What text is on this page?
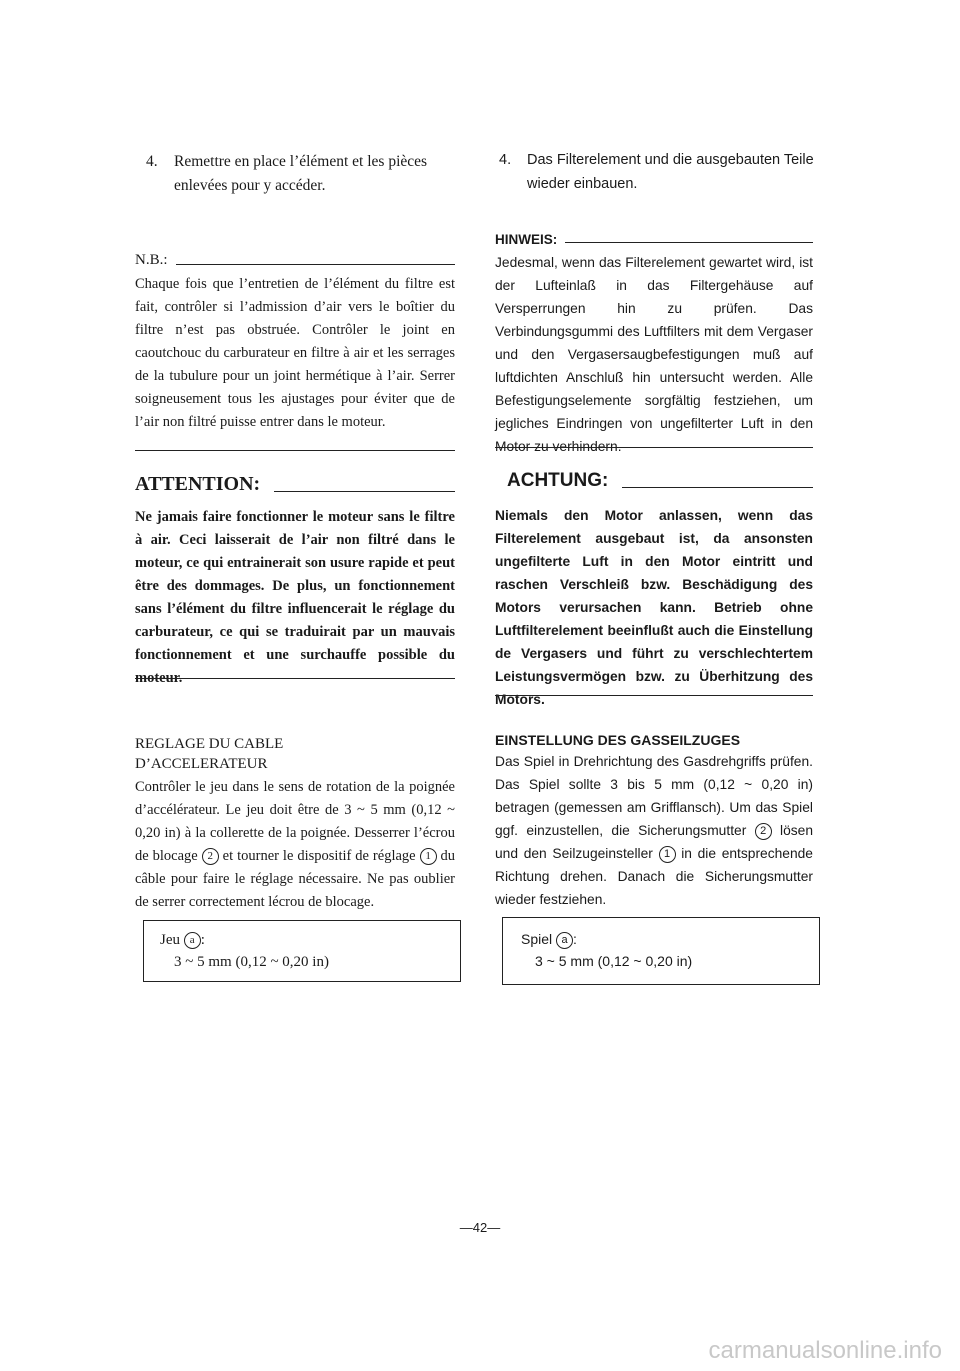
4.	Remettre en place l’élément et les pièces enlevées pour y accéder.
N.B.:
Chaque fois que l’entretien de l’élément du filtre est fait, contrôler si l’admission d’air vers le boîtier du filtre n’est pas obstruée. Contrôler le joint en caoutchouc du carburateur en filtre à air et les serrages de la tubulure pour un joint hermétique à l’air. Serrer soigneusement tous les ajustages pour éviter que de l’air non filtré puisse entrer dans le moteur.
ATTENTION:
Ne jamais faire fonctionner le moteur sans le filtre à air. Ceci laisserait de l’air non filtré dans le moteur, ce qui entrainerait son usure rapide et peut être des dommages. De plus, un fonctionnement sans l’élément du filtre influencerait le réglage du carburateur, ce qui se traduirait par un mauvais fonctionnement et une surchauffe possible du moteur.
REGLAGE DU CABLE
D’ACCELERATEUR
Contrôler le jeu dans le sens de rotation de la poignée d’accélérateur. Le jeu doit être de 3 ~ 5 mm (0,12 ~ 0,20 in) à la collerette de la poignée. Desserrer l’écrou de blocage 2 et tourner le dispositif de réglage 1 du câble pour faire le réglage nécessaire. Ne pas oublier de serrer correctement lécrou de blocage.
Jeu a :
3 ~ 5 mm (0,12 ~ 0,20 in)
4.	Das Filterelement und die ausgebauten Teile wieder einbauen.
HINWEIS:
Jedesmal, wenn das Filterelement gewartet wird, ist der Lufteinlaß in das Filtergehäuse auf Versperrungen hin zu prüfen. Das Verbindungsgummi des Luftfilters mit dem Vergaser und den Vergasersaugbefestigungen muß auf luftdichten Anschluß hin untersucht werden. Alle Befestigungselemente sorgfältig festziehen, um jegliches Eindringen von ungefilterter Luft in den Motor zu verhindern.
ACHTUNG:
Niemals den Motor anlassen, wenn das Filterelement ausgebaut ist, da ansonsten ungefilterte Luft in den Motor eintritt und raschen Verschleiß bzw. Beschädigung des Motors verursachen kann. Betrieb ohne Luftfilterelement beeinflußt auch die Einstellung de Vergasers und führt zu verschlechtertem Leistungsvermögen bzw. zu Überhitzung des Motors.
EINSTELLUNG DES GASSEILZUGES
Das Spiel in Drehrichtung des Gasdrehgriffs prüfen. Das Spiel sollte 3 bis 5 mm (0,12 ~ 0,20 in) betragen (gemessen am Grifflansch). Um das Spiel ggf. einzustellen, die Sicherungsmutter 2 lösen und den Seilzugeinsteller 1 in die entsprechende Richtung drehen. Danach die Sicherungsmutter wieder festziehen.
Spiel a :
3 ~ 5 mm (0,12 ~ 0,20 in)
—42—
carmanualsonline.info
